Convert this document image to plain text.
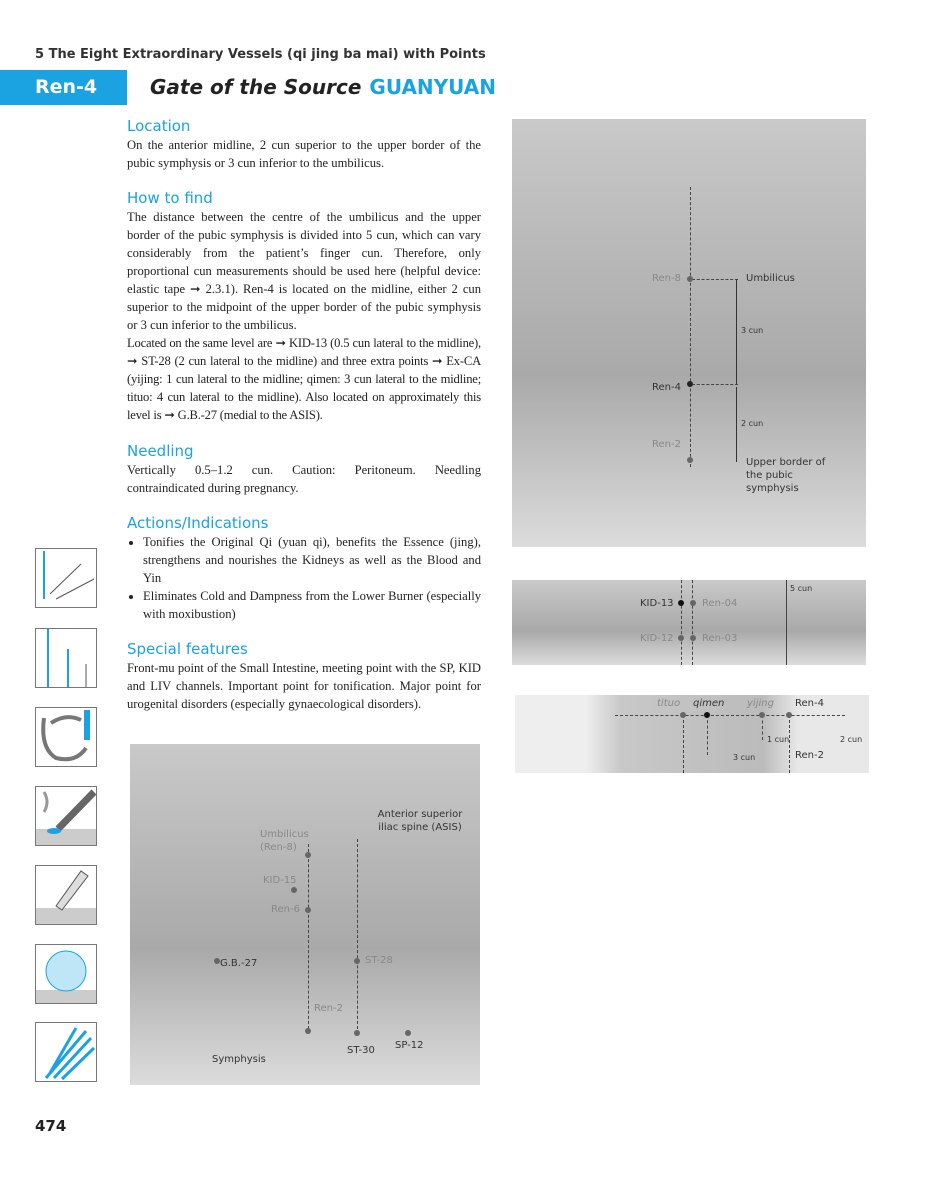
5 The Eight Extraordinary Vessels (qi jing ba mai) with Points
Ren-4	Gate of the Source GUANYUAN
Location
On the anterior midline, 2 cun superior to the upper border of the pubic symphysis or 3 cun inferior to the umbilicus.
How to find
The distance between the centre of the umbilicus and the upper border of the pubic symphysis is divided into 5 cun, which can vary considerably from the patient’s finger cun. Therefore, only proportional cun measurements should be used here (helpful device: elastic tape ➞ 2.3.1). Ren-4 is located on the midline, either 2 cun superior to the midpoint of the upper border of the pubic symphysis or 3 cun inferior to the umbilicus.
Located on the same level are ➞ KID-13 (0.5 cun lateral to the midline), ➞ ST-28 (2 cun lateral to the midline) and three extra points ➞ Ex-CA (yijing: 1 cun lateral to the midline; qimen: 3 cun lateral to the midline; tituo: 4 cun lateral to the midline). Also located on approximately this level is ➞ G.B.-27 (medial to the ASIS).
Needling
Vertically 0.5–1.2 cun. Caution: Peritoneum. Needling contraindicated during pregnancy.
Actions/Indications
• Tonifies the Original Qi (yuan qi), benefits the Essence (jing), strengthens and nourishes the Kidneys as well as the Blood and Yin
• Eliminates Cold and Dampness from the Lower Burner (especially with moxibustion)
Special features
Front-mu point of the Small Intestine, meeting point with the SP, KID and LIV channels. Important point for tonification. Major point for urogenital disorders (especially gynaecological disorders).
Ren-8	Umbilicus
3 cun
Ren-4
2 cun
Ren-2
Upper border of the pubic symphysis
KID-13	Ren-04
KID-12	Ren-03
5 cun
tituo qimen yijing Ren-4
1 cun	2 cun
3 cun	Ren-2
Umbilicus (Ren-8)
Anterior superior iliac spine (ASIS)
KID-15
Ren-6
G.B.-27	ST-28
Ren-2
ST-30 SP-12
Symphysis
474
